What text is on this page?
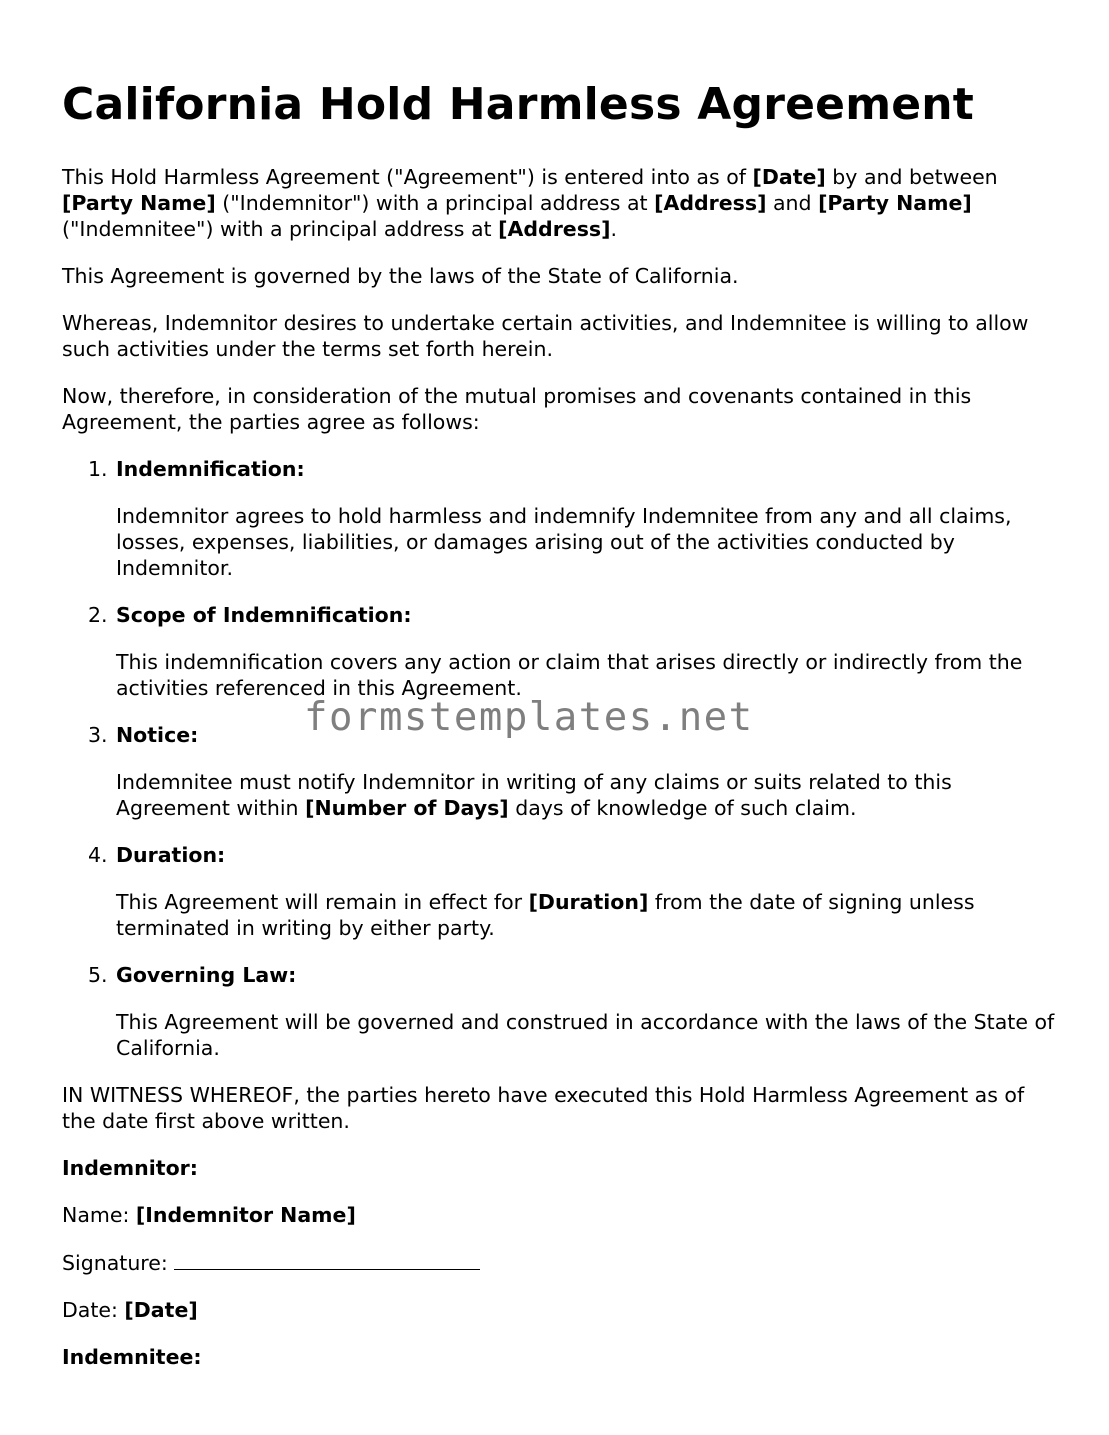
California Hold Harmless Agreement

This Hold Harmless Agreement ("Agreement") is entered into as of [Date] by and between [Party Name] ("Indemnitor") with a principal address at [Address] and [Party Name] ("Indemnitee") with a principal address at [Address].

This Agreement is governed by the laws of the State of California.

Whereas, Indemnitor desires to undertake certain activities, and Indemnitee is willing to allow such activities under the terms set forth herein.

Now, therefore, in consideration of the mutual promises and covenants contained in this Agreement, the parties agree as follows:

1. Indemnification:

Indemnitor agrees to hold harmless and indemnify Indemnitee from any and all claims, losses, expenses, liabilities, or damages arising out of the activities conducted by Indemnitor.

2. Scope of Indemnification:

This indemnification covers any action or claim that arises directly or indirectly from the activities referenced in this Agreement.

3. Notice:

Indemnitee must notify Indemnitor in writing of any claims or suits related to this Agreement within [Number of Days] days of knowledge of such claim.

4. Duration:

This Agreement will remain in effect for [Duration] from the date of signing unless terminated in writing by either party.

5. Governing Law:

This Agreement will be governed and construed in accordance with the laws of the State of California.

IN WITNESS WHEREOF, the parties hereto have executed this Hold Harmless Agreement as of the date first above written.

Indemnitor:

Name: [Indemnitor Name]

Signature:

Date: [Date]

Indemnitee:

formstemplates.net
